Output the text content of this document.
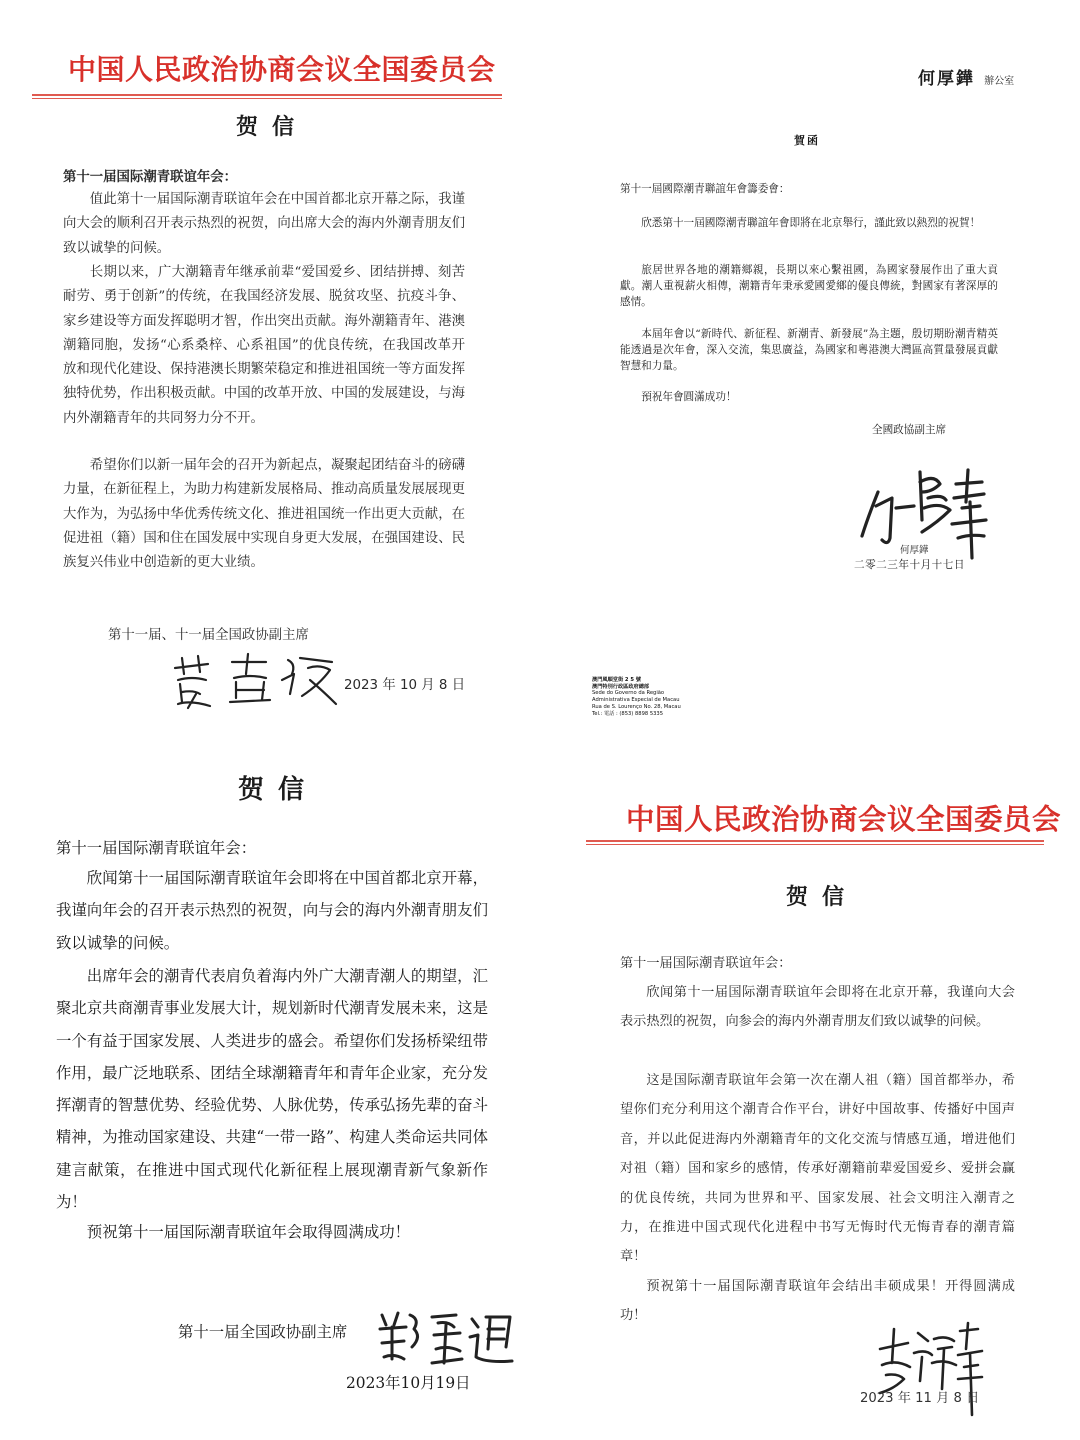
中国人民政治协商会议全国委员会
贺信
第十一届国际潮青联谊年会：

值此第十一届国际潮青联谊年会在中国首都北京开幕之际，我谨向大会的顺利召开表示热烈的祝贺，向出席大会的海内外潮青朋友们致以诚挚的问候。

长期以来，广大潮籍青年继承前辈“爱国爱乡、团结拼搏、刻苦耐劳、勇于创新”的传统，在我国经济发展、脱贫攻坚、抗疫斗争、家乡建设等方面发挥聪明才智，作出突出贡献。海外潮籍青年、港澳潮籍同胞，发扬“心系桑梓、心系祖国”的优良传统，在我国改革开放和现代化建设、保持港澳长期繁荣稳定和推进祖国统一等方面发挥独特优势，作出积极贡献。中国的改革开放、中国的发展建设，与海内外潮籍青年的共同努力分不开。

希望你们以新一届年会的召开为新起点，凝聚起团结奋斗的磅礴力量，在新征程上，为助力构建新发展格局、推动高质量发展展现更大作为，为弘扬中华优秀传统文化、推进祖国统一作出更大贡献，在促进祖（籍）国和住在国发展中实现自身更大发展，在强国建设、民族复兴伟业中创造新的更大业绩。

第十一届、十一届全国政协副主席
2023 年 10 月 8 日
何厚鏵 辦公室
賀函
第十一屆國際潮青聯誼年會籌委會：

欣悉第十一屆國際潮青聯誼年會即將在北京舉行，謹此致以熱烈的祝賀！

旅居世界各地的潮籍鄉親，長期以來心繫祖國，為國家發展作出了重大貢獻。潮人重視薪火相傳，潮籍青年秉承愛國愛鄉的優良傳統，對國家有著深厚的感情。

本屆年會以“新時代、新征程、新潮青、新發展”為主題，殷切期盼潮青精英能透過是次年會，深入交流，集思廣益，為國家和粵港澳大灣區高質量發展貢獻智慧和力量。

預祝年會圓滿成功！

全國政協副主席
何厚鏵
二零二三年十月十七日
澳門風順堂街 2 5 號
澳門特別行政區政府總部
Sede do Governo da Região
Administrativa Especial de Macau
Rua de S. Lourenço No. 28, Macau
Tel.: 電話 : (853) 8898 5335
贺信
第十一届国际潮青联谊年会：

欣闻第十一届国际潮青联谊年会即将在中国首都北京开幕，我谨向年会的召开表示热烈的祝贺，向与会的海内外潮青朋友们致以诚挚的问候。

出席年会的潮青代表肩负着海内外广大潮青潮人的期望，汇聚北京共商潮青事业发展大计，规划新时代潮青发展未来，这是一个有益于国家发展、人类进步的盛会。希望你们发扬桥梁纽带作用，最广泛地联系、团结全球潮籍青年和青年企业家，充分发挥潮青的智慧优势、经验优势、人脉优势，传承弘扬先辈的奋斗精神，为推动国家建设、共建“一带一路”、构建人类命运共同体建言献策，在推进中国式现代化新征程上展现潮青新气象新作为！

预祝第十一届国际潮青联谊年会取得圆满成功！

第十一届全国政协副主席
2023年10月19日
中国人民政治协商会议全国委员会
贺信
第十一届国际潮青联谊年会：

欣闻第十一届国际潮青联谊年会即将在北京开幕，我谨向大会表示热烈的祝贺，向参会的海内外潮青朋友们致以诚挚的问候。

这是国际潮青联谊年会第一次在潮人祖（籍）国首都举办，希望你们充分利用这个潮青合作平台，讲好中国故事、传播好中国声音，并以此促进海内外潮籍青年的文化交流与情感互通，增进他们对祖（籍）国和家乡的感情，传承好潮籍前辈爱国爱乡、爱拼会赢的优良传统，共同为世界和平、国家发展、社会文明注入潮青之力，在推进中国式现代化进程中书写无悔时代无悔青春的潮青篇章！

预祝第十一届国际潮青联谊年会结出丰硕成果！开得圆满成功！

2023 年 11 月 8 日
